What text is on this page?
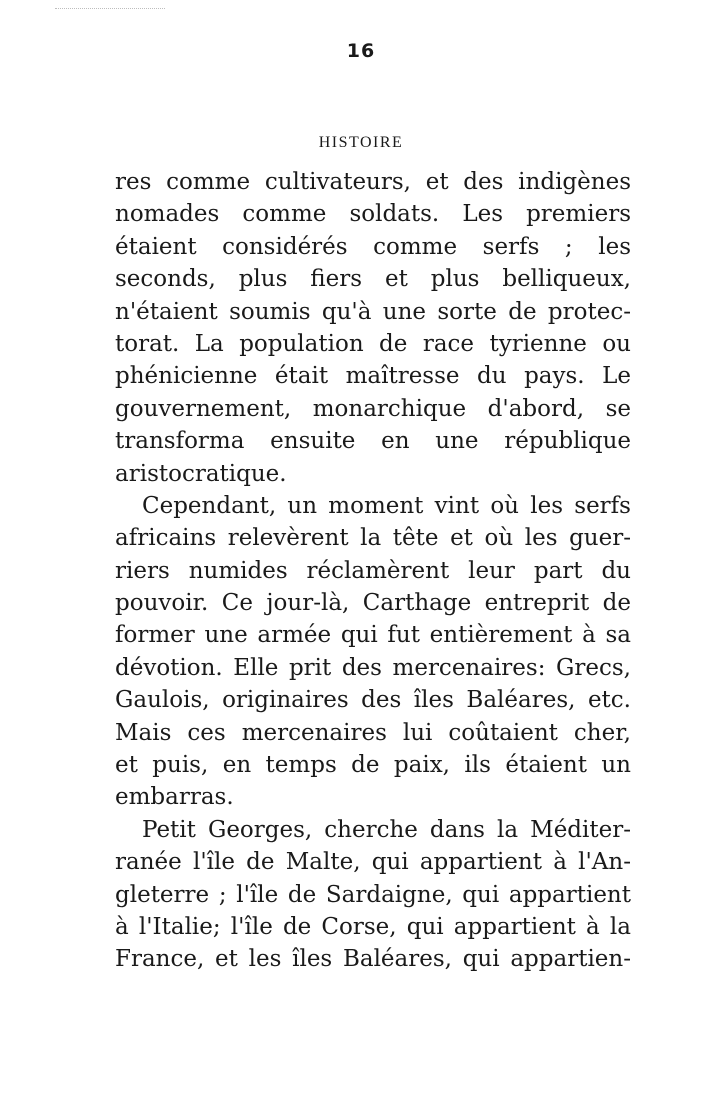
16
HISTOIRE
res comme cultivateurs, et des indigènes
nomades comme soldats. Les premiers
étaient considérés comme serfs ; les
seconds, plus fiers et plus belliqueux,
n'étaient soumis qu'à une sorte de protec-
torat. La population de race tyrienne ou
phénicienne était maîtresse du pays. Le
gouvernement, monarchique d'abord, se
transforma ensuite en une république
aristocratique.
Cependant, un moment vint où les serfs
africains relevèrent la tête et où les guer-
riers numides réclamèrent leur part du
pouvoir. Ce jour-là, Carthage entreprit de
former une armée qui fut entièrement à sa
dévotion. Elle prit des mercenaires: Grecs,
Gaulois, originaires des îles Baléares, etc.
Mais ces mercenaires lui coûtaient cher,
et puis, en temps de paix, ils étaient un
embarras.
Petit Georges, cherche dans la Méditer-
ranée l'île de Malte, qui appartient à l'An-
gleterre ; l'île de Sardaigne, qui appartient
à l'Italie; l'île de Corse, qui appartient à la
France, et les îles Baléares, qui appartien-
